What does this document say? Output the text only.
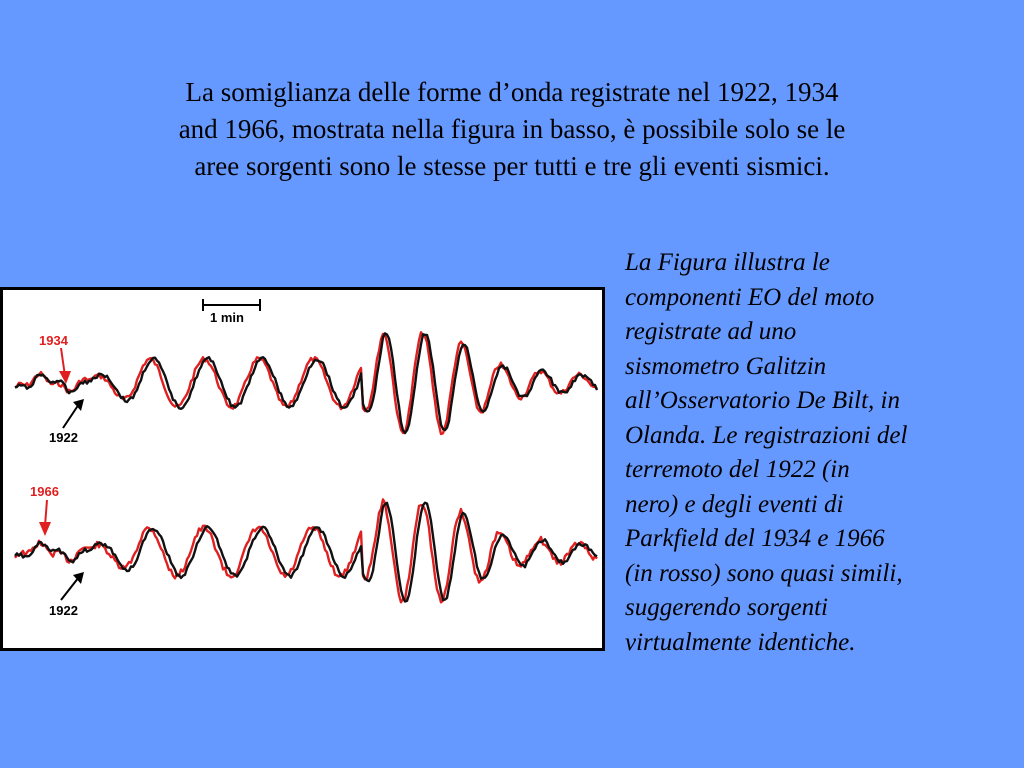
La somiglianza delle forme d’onda registrate nel 1922, 1934
and 1966, mostrata nella figura in basso, è possibile solo se le
aree sorgenti sono le stesse per tutti e tre gli eventi sismici.
La Figura illustra le
componenti EO del moto
registrate ad uno
sismometro Galitzin
all’Osservatorio De Bilt, in
Olanda. Le registrazioni del
terremoto del 1922 (in
nero) e degli eventi di
Parkfield del 1934 e 1966
(in rosso) sono quasi simili,
suggerendo sorgenti
virtualmente identiche.
1 min
1934
1922
1966
1922
